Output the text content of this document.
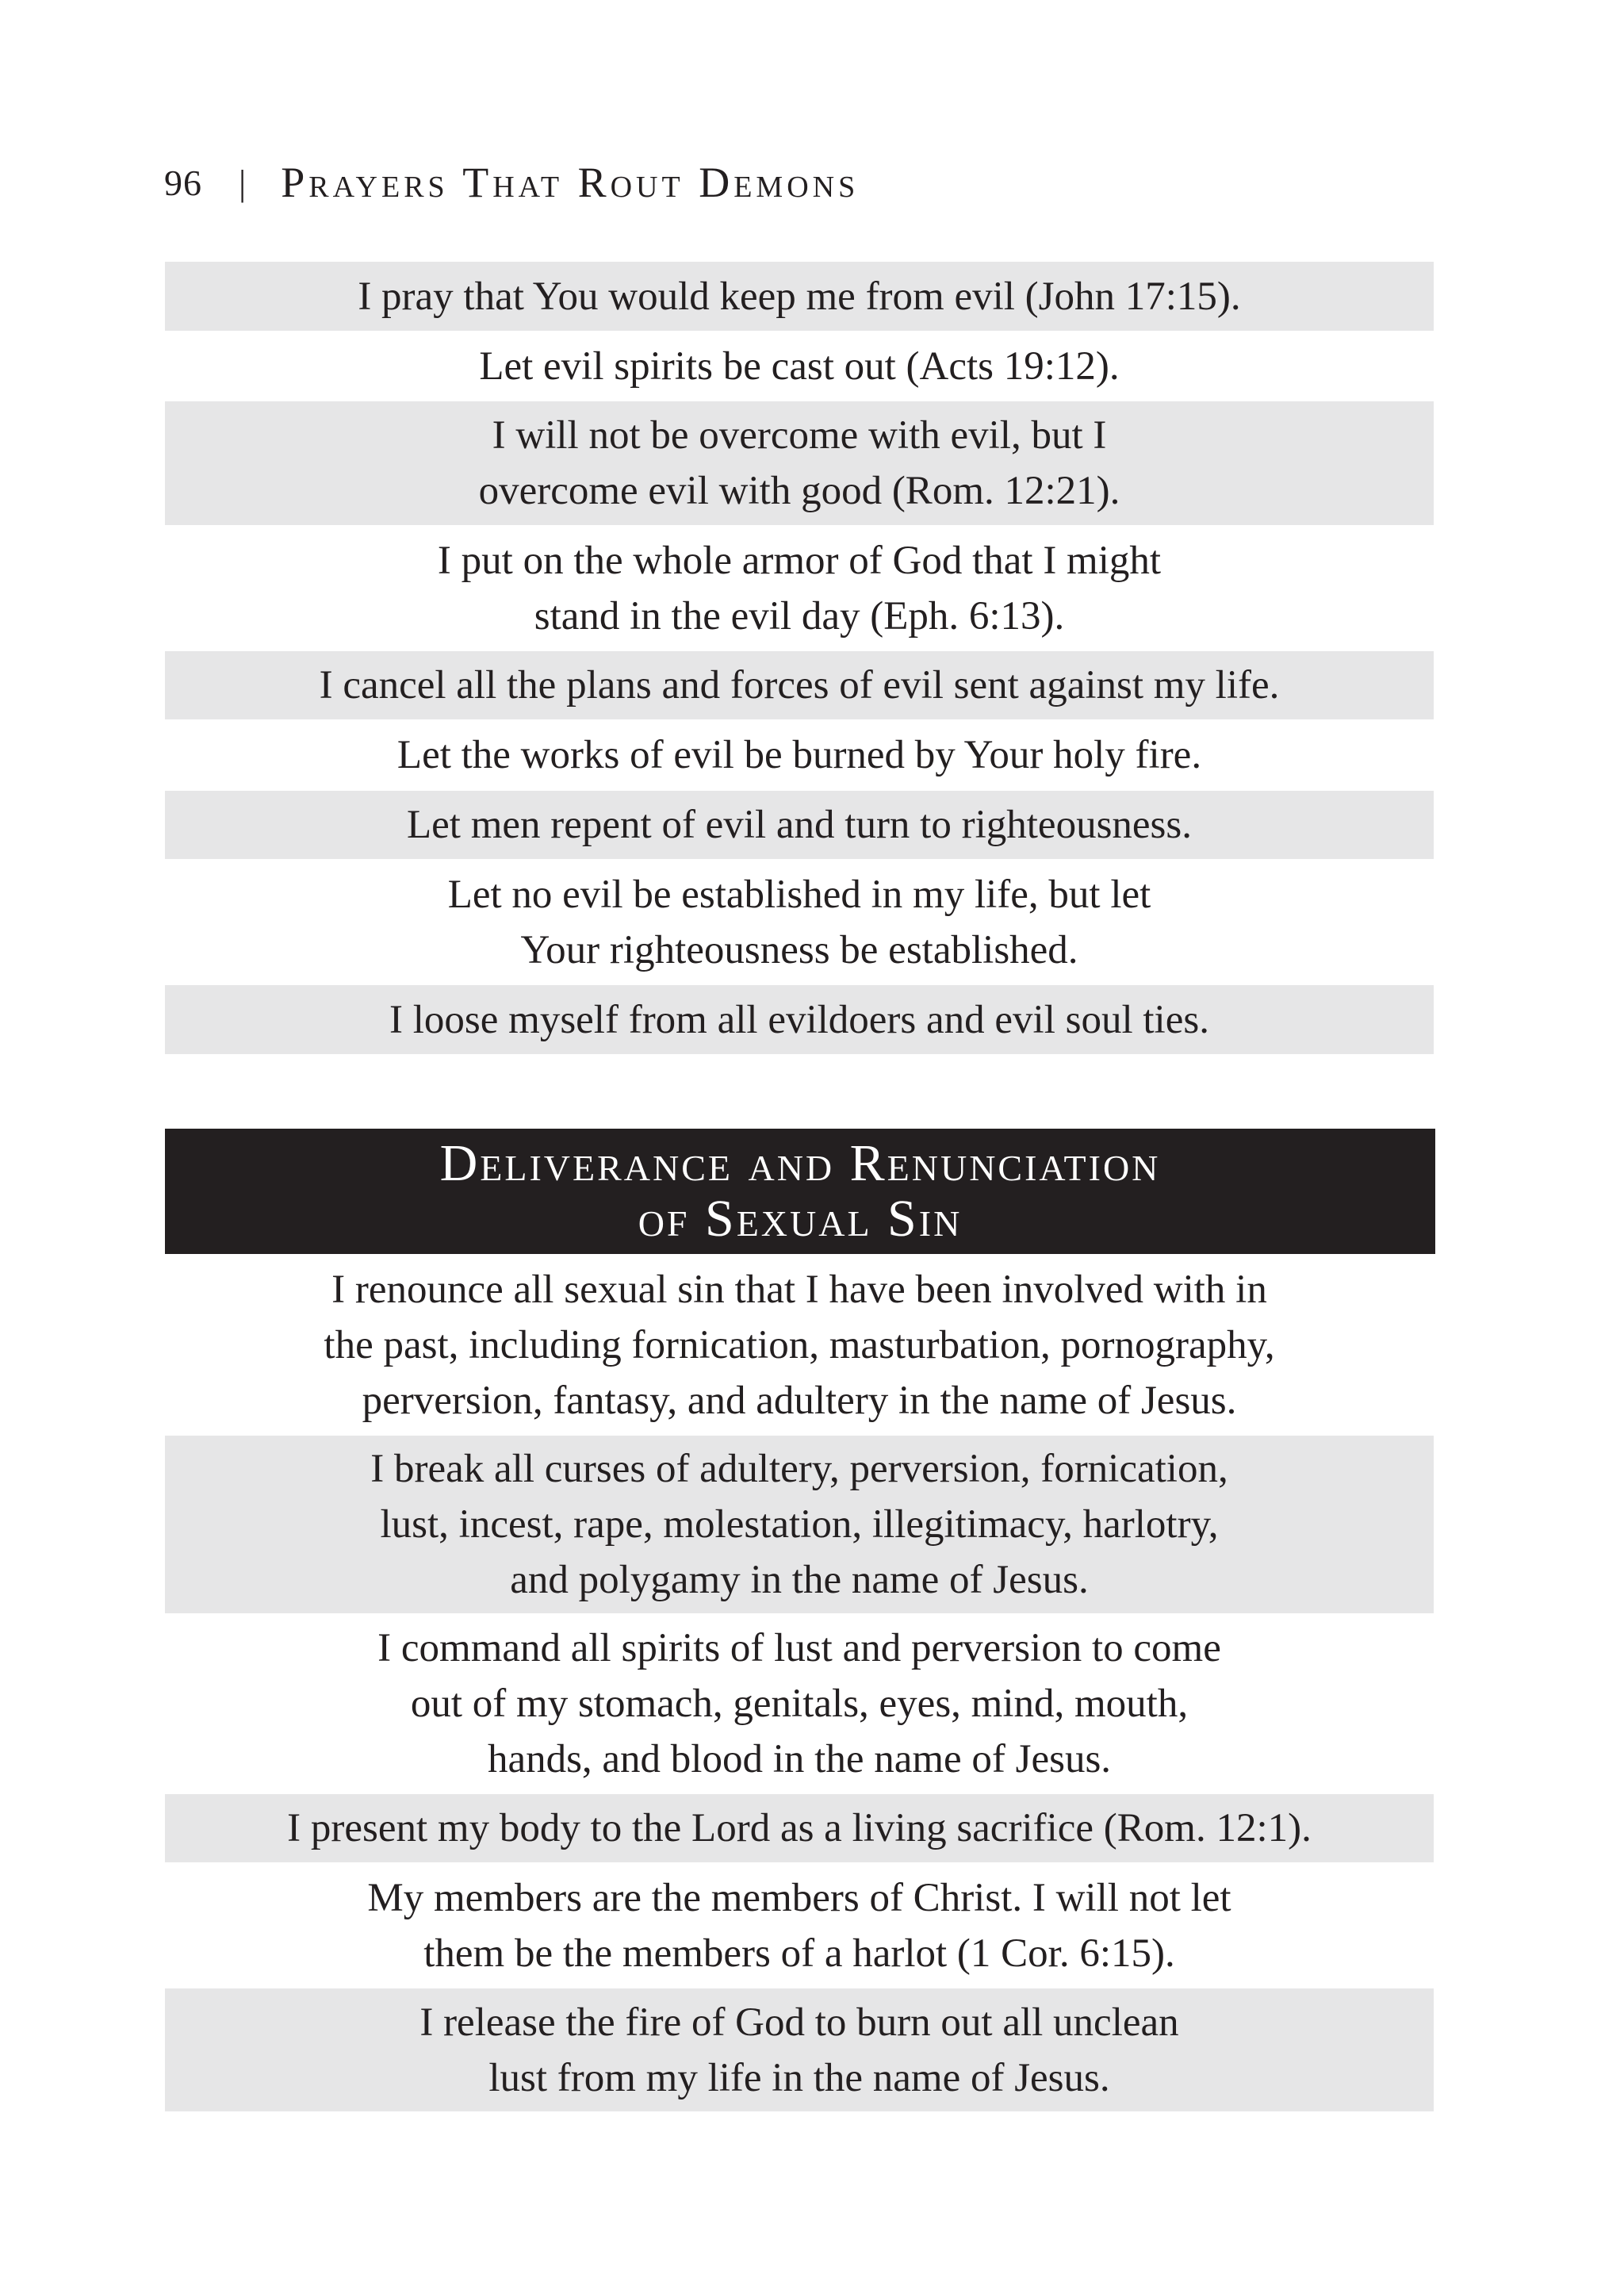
96 | Prayers That Rout Demons
I pray that You would keep me from evil (John 17:15).
Let evil spirits be cast out (Acts 19:12).
I will not be overcome with evil, but I
overcome evil with good (Rom. 12:21).
I put on the whole armor of God that I might
stand in the evil day (Eph. 6:13).
I cancel all the plans and forces of evil sent against my life.
Let the works of evil be burned by Your holy fire.
Let men repent of evil and turn to righteousness.
Let no evil be established in my life, but let
Your righteousness be established.
I loose myself from all evildoers and evil soul ties.
Deliverance and Renunciation
of Sexual Sin
I renounce all sexual sin that I have been involved with in
the past, including fornication, masturbation, pornography,
perversion, fantasy, and adultery in the name of Jesus.
I break all curses of adultery, perversion, fornication,
lust, incest, rape, molestation, illegitimacy, harlotry,
and polygamy in the name of Jesus.
I command all spirits of lust and perversion to come
out of my stomach, genitals, eyes, mind, mouth,
hands, and blood in the name of Jesus.
I present my body to the Lord as a living sacrifice (Rom. 12:1).
My members are the members of Christ. I will not let
them be the members of a harlot (1 Cor. 6:15).
I release the fire of God to burn out all unclean
lust from my life in the name of Jesus.
